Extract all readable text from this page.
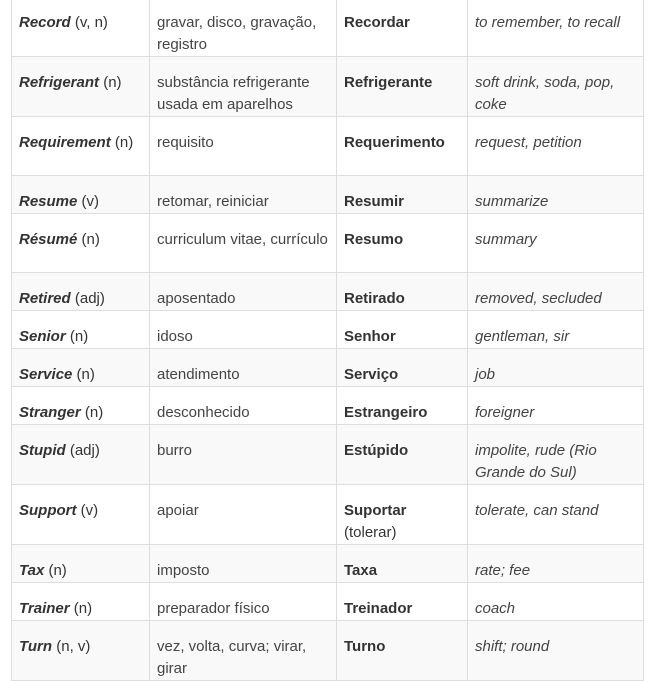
Record (v, n)	gravar, disco, gravação, registro	Recordar	to remember, to recall
Refrigerant (n)	substância refrigerante usada em aparelhos	Refrigerante	soft drink, soda, pop, coke
Requirement (n)	requisito	Requerimento	request, petition
Resume (v)	retomar, reiniciar	Resumir	summarize
Résumé (n)	curriculum vitae, currículo	Resumo	summary
Retired (adj)	aposentado	Retirado	removed, secluded
Senior (n)	idoso	Senhor	gentleman, sir
Service (n)	atendimento	Serviço	job
Stranger (n)	desconhecido	Estrangeiro	foreigner
Stupid (adj)	burro	Estúpido	impolite, rude (Rio Grande do Sul)
Support (v)	apoiar	Suportar (tolerar)	tolerate, can stand
Tax (n)	imposto	Taxa	rate; fee
Trainer (n)	preparador físico	Treinador	coach
Turn (n, v)	vez, volta, curva; virar, girar	Turno	shift; round
